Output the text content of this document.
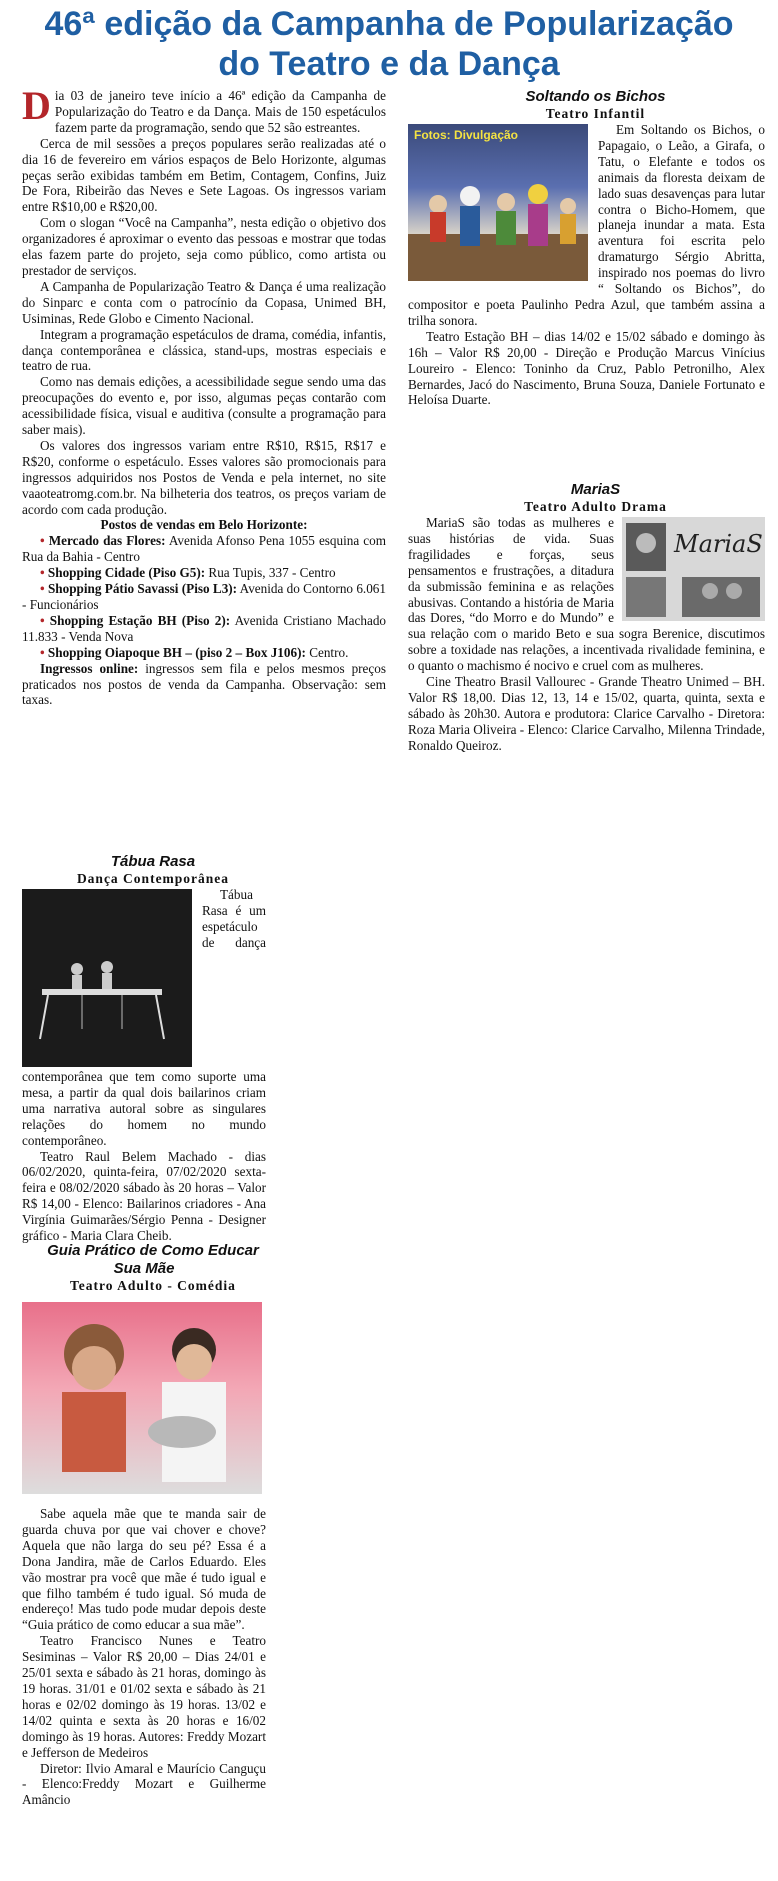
46ª edição da Campanha de Popularização
do Teatro e da Dança

Dia 03 de janeiro teve início a 46ª edição da Campanha de Popularização do Teatro e da Dança. Mais de 150 espetáculos fazem parte da programação, sendo que 52 são estreantes.

Cerca de mil sessões a preços populares serão realizadas até o dia 16 de fevereiro em vários espaços de Belo Horizonte, algumas peças serão exibidas também em Betim, Contagem, Confins, Juiz De Fora, Ribeirão das Neves e Sete Lagoas. Os ingressos variam entre R$10,00 e R$20,00.

Com o slogan “Você na Campanha”, nesta edição o objetivo dos organizadores é aproximar o evento das pessoas e mostrar que todas elas fazem parte do projeto, seja como público, como artista ou prestador de serviços.

A Campanha de Popularização Teatro & Dança é uma realização do Sinparc e conta com o patrocínio da Copasa, Unimed BH, Usiminas, Rede Globo e Cimento Nacional.

Integram a programação espetáculos de drama, comédia, infantis, dança contemporânea e clássica, stand-ups, mostras especiais e teatro de rua.

Como nas demais edições, a acessibilidade segue sendo uma das preocupações do evento e, por isso, algumas peças contarão com acessibilidade física, visual e auditiva (consulte a programação para saber mais).

Os valores dos ingressos variam entre R$10, R$15, R$17 e R$20, conforme o espetáculo. Esses valores são promocionais para ingressos adquiridos nos Postos de Venda e pela internet, no site vaaoteatromg.com.br. Na bilheteria dos teatros, os preços variam de acordo com cada produção.

Postos de vendas em Belo Horizonte:

• Mercado das Flores: Avenida Afonso Pena 1055 esquina com Rua da Bahia - Centro

• Shopping Cidade (Piso G5): Rua Tupis, 337 - Centro

• Shopping Pátio Savassi (Piso L3): Avenida do Contorno 6.061 - Funcionários

• Shopping Estação BH (Piso 2): Avenida Cristiano Machado 11.833 - Venda Nova

• Shopping Oiapoque BH – (piso 2 – Box J106): Centro.

Ingressos online: ingressos sem fila e pelos mesmos preços praticados nos postos de venda da Campanha. Observação: sem taxas.

Soltando os Bichos

Teatro Infantil

Fotos: Divulgação	Em Soltando os Bichos, o Papagaio, o Leão, a Girafa, o Tatu, o Elefante e todos os animais da floresta deixam de lado suas desavenças para lutar contra o Bicho-Homem, que planeja inundar a mata. Esta aventura foi escrita pelo dramaturgo Sérgio Abritta, inspirado nos poemas do livro “ Soltando os Bichos”, do compositor e poeta Paulinho Pedra Azul, que também assina a trilha sonora.

Teatro Estação BH – dias 14/02 e 15/02 sábado e domingo às 16h – Valor R$ 20,00 - Direção e Produção Marcus Vinícius Loureiro - Elenco: Toninho da Cruz, Pablo Petronilho, Alex Bernardes, Jacó do Nascimento, Bruna Souza, Daniele Fortunato e Heloísa Duarte.

MariaS

Teatro Adulto Drama

MariaS

MariaS são todas as mulheres e suas histórias de vida. Suas fragilidades e forças, seus pensamentos e frustrações, a ditadura da submissão feminina e as relações abusivas. Contando a história de Maria das Dores, “do Morro e do Mundo” e sua relação com o marido Beto e sua sogra Berenice, discutimos sobre a toxidade nas relações, a incentivada rivalidade feminina, e o quanto o machismo é nocivo e cruel com as mulheres.

Cine Theatro Brasil Vallourec - Grande Theatro Unimed – BH. Valor R$ 18,00. Dias 12, 13, 14 e 15/02, quarta, quinta, sexta e sábado às 20h30. Autora e produtora: Clarice Carvalho - Diretora: Roza Maria Oliveira - Elenco: Clarice Carvalho, Milenna Trindade, Ronaldo Queiroz.

Tábua Rasa

Dança Contemporânea

Tábua Rasa é um espetáculo de dança contemporânea que tem como suporte uma mesa, a partir da qual dois bailarinos criam uma narrativa autoral sobre as singulares relações do homem no mundo contemporâneo.

Teatro Raul Belem Machado - dias 06/02/2020, quinta-feira, 07/02/2020 sexta-feira e 08/02/2020 sábado às 20 horas – Valor R$ 14,00 - Elenco: Bailarinos criadores - Ana Virgínia Guimarães/Sérgio Penna - Designer gráfico - Maria Clara Cheib.

Guia Prático de Como Educar Sua Mãe

Teatro Adulto - Comédia

Sabe aquela mãe que te manda sair de guarda chuva por que vai chover e chove? Aquela que não larga do seu pé? Essa é a Dona Jandira, mãe de Carlos Eduardo. Eles vão mostrar pra você que mãe é tudo igual e que filho também é tudo igual. Só muda de endereço! Mas tudo pode mudar depois deste “Guia prático de como educar a sua mãe”.

Teatro Francisco Nunes e Teatro Sesiminas – Valor R$ 20,00 – Dias 24/01 e 25/01 sexta e sábado às 21 horas, domingo às 19 horas. 31/01 e 01/02 sexta e sábado às 21 horas e 02/02 domingo às 19 horas. 13/02 e 14/02 quinta e sexta às 20 horas e 16/02 domingo às 19 horas. Autores: Freddy Mozart e Jefferson de Medeiros

Diretor: Ilvio Amaral e Maurício Canguçu - Elenco:Freddy Mozart e Guilherme Amâncio
